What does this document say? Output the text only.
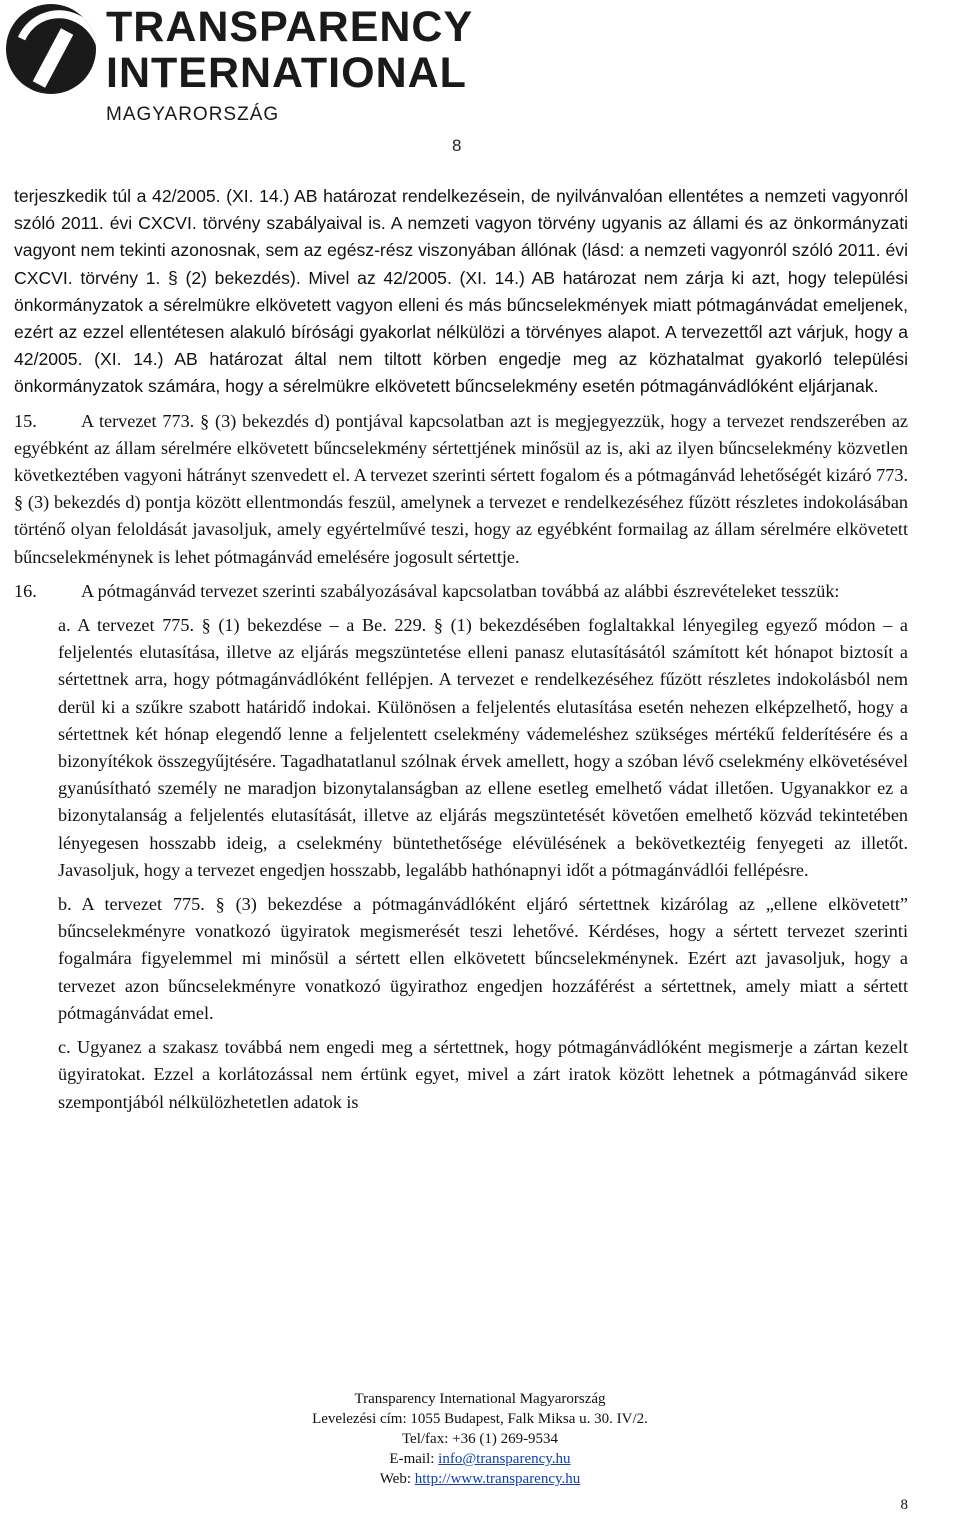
TRANSPARENCY
INTERNATIONAL
MAGYARORSZÁG
8

terjeszkedik túl a 42/2005. (XI. 14.) AB határozat rendelkezésein, de nyilvánvalóan ellentétes a nemzeti vagyonról szóló 2011. évi CXCVI. törvény szabályaival is. A nemzeti vagyon törvény ugyanis az állami és az önkormányzati vagyont nem tekinti azonosnak, sem az egész-rész viszonyában állónak (lásd: a nemzeti vagyonról szóló 2011. évi CXCVI. törvény 1. § (2) bekezdés). Mivel az 42/2005. (XI. 14.) AB határozat nem zárja ki azt, hogy települési önkormányzatok a sérelmükre elkövetett vagyon elleni és más bűncselekmények miatt pótmagánvádat emeljenek, ezért az ezzel ellentétesen alakuló bírósági gyakorlat nélkülözi a törvényes alapot. A tervezettől azt várjuk, hogy a 42/2005. (XI. 14.) AB határozat által nem tiltott körben engedje meg az közhatalmat gyakorló települési önkormányzatok számára, hogy a sérelmükre elkövetett bűncselekmény esetén pótmagánvádlóként eljárjanak.

15. A tervezet 773. § (3) bekezdés d) pontjával kapcsolatban azt is megjegyezzük, hogy a tervezet rendszerében az egyébként az állam sérelmére elkövetett bűncselekmény sértettjének minősül az is, aki az ilyen bűncselekmény közvetlen következtében vagyoni hátrányt szenvedett el. A tervezet szerinti sértett fogalom és a pótmagánvád lehetőségét kizáró 773. § (3) bekezdés d) pontja között ellentmondás feszül, amelynek a tervezet e rendelkezéséhez fűzött részletes indokolásában történő olyan feloldását javasoljuk, amely egyértelművé teszi, hogy az egyébként formailag az állam sérelmére elkövetett bűncselekménynek is lehet pótmagánvád emelésére jogosult sértettje.

16. A pótmagánvád tervezet szerinti szabályozásával kapcsolatban továbbá az alábbi észrevételeket tesszük:

a. A tervezet 775. § (1) bekezdése – a Be. 229. § (1) bekezdésében foglaltakkal lényegileg egyező módon – a feljelentés elutasítása, illetve az eljárás megszüntetése elleni panasz elutasításától számított két hónapot biztosít a sértettnek arra, hogy pótmagánvádlóként fellépjen. A tervezet e rendelkezéséhez fűzött részletes indokolásból nem derül ki a szűkre szabott határidő indokai. Különösen a feljelentés elutasítása esetén nehezen elképzelhető, hogy a sértettnek két hónap elegendő lenne a feljelentett cselekmény vádemeléshez szükséges mértékű felderítésére és a bizonyítékok összegyűjtésére. Tagadhatatlanul szólnak érvek amellett, hogy a szóban lévő cselekmény elkövetésével gyanúsítható személy ne maradjon bizonytalanságban az ellene esetleg emelhető vádat illetően. Ugyanakkor ez a bizonytalanság a feljelentés elutasítását, illetve az eljárás megszüntetését követően emelhető közvád tekintetében lényegesen hosszabb ideig, a cselekmény büntethetősége elévülésének a bekövetkeztéig fenyegeti az illetőt. Javasoljuk, hogy a tervezet engedjen hosszabb, legalább hathónapnyi időt a pótmagánvádlói fellépésre.

b. A tervezet 775. § (3) bekezdése a pótmagánvádlóként eljáró sértettnek kizárólag az „ellene elkövetett” bűncselekményre vonatkozó ügyiratok megismerését teszi lehetővé. Kérdéses, hogy a sértett tervezet szerinti fogalmára figyelemmel mi minősül a sértett ellen elkövetett bűncselekménynek. Ezért azt javasoljuk, hogy a tervezet azon bűncselekményre vonatkozó ügyirathoz engedjen hozzáférést a sértettnek, amely miatt a sértett pótmagánvádat emel.

c. Ugyanez a szakasz továbbá nem engedi meg a sértettnek, hogy pótmagánvádlóként megismerje a zártan kezelt ügyiratokat. Ezzel a korlátozással nem értünk egyet, mivel a zárt iratok között lehetnek a pótmagánvád sikere szempontjából nélkülözhetetlen adatok is

Transparency International Magyarország
Levelezési cím: 1055 Budapest, Falk Miksa u. 30. IV/2.
Tel/fax: +36 (1) 269-9534
E-mail: info@transparency.hu
Web: http://www.transparency.hu
8
